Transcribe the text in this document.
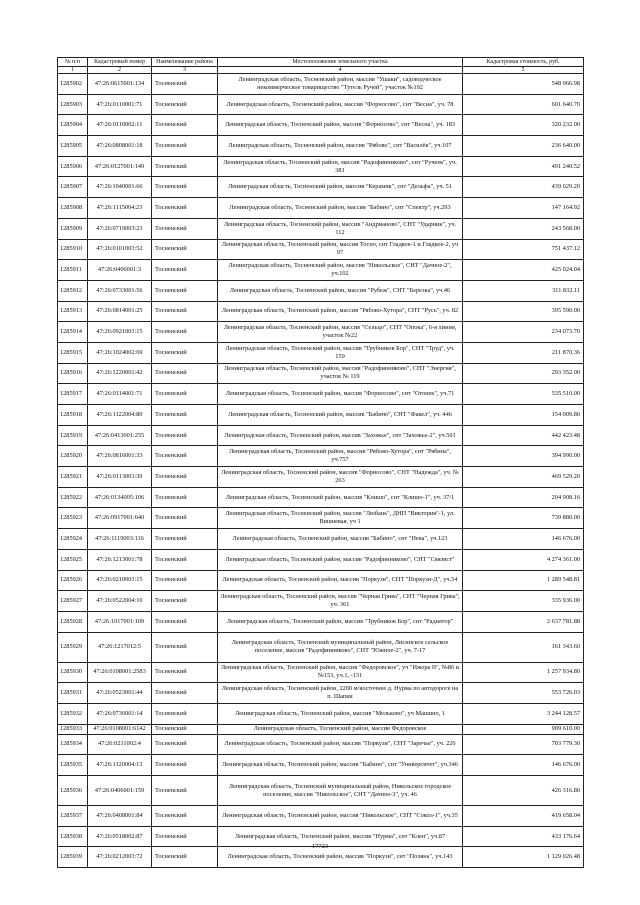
№ п/п	Кадастровый номер	Наименование района	Местоположение земельного участка	Кадастровая стоимость, руб.
1	2	3	4	5
1285902	47:26:0615001:134	Тосненский	Ленинградская область, Тосненский район, массив "Ушаки", садоводческое некоммерческое товарищество "Тутель Ручей", участок №192	548 066.98
1285903	47:26:0110001:71	Тосненский	Ленинградская область, Тосненский район, массив "Форносово", снт "Весна", уч. 78	601 640.70
1285904	47:26:0110002:11	Тосненский	Ленинградская область, Тосненский район, массив "Форносово", снт "Весна", уч. 183	320 232.00
1285905	47:26:0808001:18	Тосненский	Ленинградская область, Тосненский район, массив "Рябово", снт "Василёк", уч.107	236 640.00
1285906	47:26:0127001:149	Тосненский	Ленинградская область, Тосненский район, массив "Радофинниково", снт "Ручеек", уч. 381	491 240.52
1285907	47:26:1040001:66	Тосненский	Ленинградская область, Тосненский район, массив "Керамик", снт "Дельфа", уч. 51	439 029.20
1285908	47:26:1115004:23	Тосненский	Ленинградская область, Тосненский район, массив "Бабино", снт "Спектр", уч.293	147 164.92
1285909	47:26:0719003:23	Тосненский	Ленинградская область, Тосненский район, массив "Андрианово", СНТ "Ударник", уч. 112	243 568.00
1285910	47:26:0101003:52	Тосненский	Ленинградская область, Тосненский район, массив Тосно, снт Гладкое-1 и Гладкое-2, уч 97	751 437.12
1285911	47:26:0406001:3	Тосненский	Ленинградская область, Тосненский район, массив "Никольское", СНТ "Дачное-2", уч.102	425 024.04
1285912	47:26:0733001:56	Тосненский	Ленинградская область, Тосненский район, массив "Рубеж", СНТ "Березка", уч.46	311 832.11
1285913	47:26:0814001:25	Тосненский	Ленинградская область, Тосненский район, массив "Рябово-Хутора", СНТ "Русь", уч. 82	395 590.00
1285914	47:26:0921001:15	Тосненский	Ленинградская область, Тосненский район, массив "Сельцо", СНТ "Опока", 6-я линия, участок №22	234 073.70
1285915	47:26:1024002:69	Тосненский	Ленинградская область, Тосненский район, массив "Трубников Бор", СНТ "Труд", уч. 159	211 870.36
1285916	47:26:1220001:42	Тосненский	Ленинградская область, Тосненский район, массив "Радофинниково", СНТ "Энергия", участок № 119	293 352.00
1285917	47:26:0114001:71	Тосненский	Ленинградская область, Тосненский район, массив "Форносово", снт "Огонек", уч.71	535 510.00
1285918	47:26:1122004:80	Тосненский	Ленинградская область, Тосненский район, массив "Бабино", СНТ "Факел", уч. 446	154 009.80
1285919	47:26:0413001:255	Тосненский	Ленинградская область, Тосненский район, массив "Захожье", снт "Захожье-2", уч.501	442 423.48
1285920	47:26:0816001:33	Тосненский	Ленинградская область, Тосненский район, массив "Рябово-Хутора", снт "Рябина", уч.757	394 990.00
1285921	47:26:0113003:39	Тосненский	Ленинградская область, Тосненский район, массив "Форносово", СНТ "Надежда", уч. № 263	469 529.20
1285922	47:26:0134005:106	Тосненский	Ленинградская область, Тосненский район, массив "Клишо", снт "Клишо-1", уч. 37/1	204 908.16
1285923	47:26:0917001:640	Тосненский	Ленинградская область, Тосненский район, массив "Любань", ДНП "Виктория"-1, ул. Вишневая, уч 1	739 880.00
1285924	47:26:1119003:116	Тосненский	Ленинградская область, Тосненский район, массив "Бабино", снт "Нева", уч.123	146 676.00
1285925	47:26:1213001:78	Тосненский	Ленинградская область, Тосненский район, массив "Радофинниково", СНТ "Связист"	4 274 361.00
1285926	47:26:0210001:15	Тосненский	Ленинградская область, Тосненский район, массив "Поркузи", СНТ "Поркузи-Д", уч.54	1 289 548.81
1285927	47:26:0522004:10	Тосненский	Ленинградская область, Тосненский район, массив "Черная Грива", СНТ "Черная Грива", уч. 361	335 936.00
1285928	47:26:1017001:109	Тосненский	Ленинградская область, Тосненский район, массив "Трубников Бор", снт "Радиатор"	2 637 781.88
1285929	47:26:1217012:5	Тосненский	Ленинградская область, Тосненский муниципальный район, Лисинское сельское поселение, массив "Радофинниково", СНТ "Южное-2", уч. 7-17	161 343.60
1285930	47:26:0108001:2583	Тосненский	Ленинградская область, Тосненский район, массив "Федоровское", уч "Ижора II", №86 и №153, уч.1, -131	1 257 934.80
1285931	47:26:0523001:44	Тосненский	Ленинградская область, Тосненский район, 2200 м/восточнее д. Нурма по автодороге на п. Шапки	553 726.03
1285932	47:26:0736001:14	Тосненский	Ленинградская область, Тосненский район, массив "Мельково", уч Машино, 1	3 244 128.57
1285933	47:26:0108001:6142	Тосненский	Ленинградская область, Тосненский район, массив Федоровское	909 610.00
1285934	47:26:0211002:4	Тосненский	Ленинградская область, Тосненский район, массив "Поркузи", СНТ "Заречье", уч. 226	703 779.30
1285935	47:26:1120004:13	Тосненский	Ленинградская область, Тосненский район, массив "Бабино", снт "Университет", уч.346	146 676.00
1285936	47:26:0406001:159	Тосненский	Ленинградская область, Тосненский муниципальный район, Никольское городское поселение, массив "Никольское", СНТ "Дачное-3", уч. 46	426 316.80
1285937	47:26:0408001:84	Тосненский	Ленинградская область, Тосненский район, массив "Никольское", СНТ "Сокол-1", уч.35	419 658.04
1285938	47:26:0518002:87	Тосненский	Ленинградская область, Тосненский район, массив "Нурма", снт "Клен", уч.87	433 176.64
1285939	47:26:0212003:72	Тосненский	Ленинградская область, Тосненский район, массив "Поркузи", снт "Поляна", уч.143	1 129 026.48
17723
